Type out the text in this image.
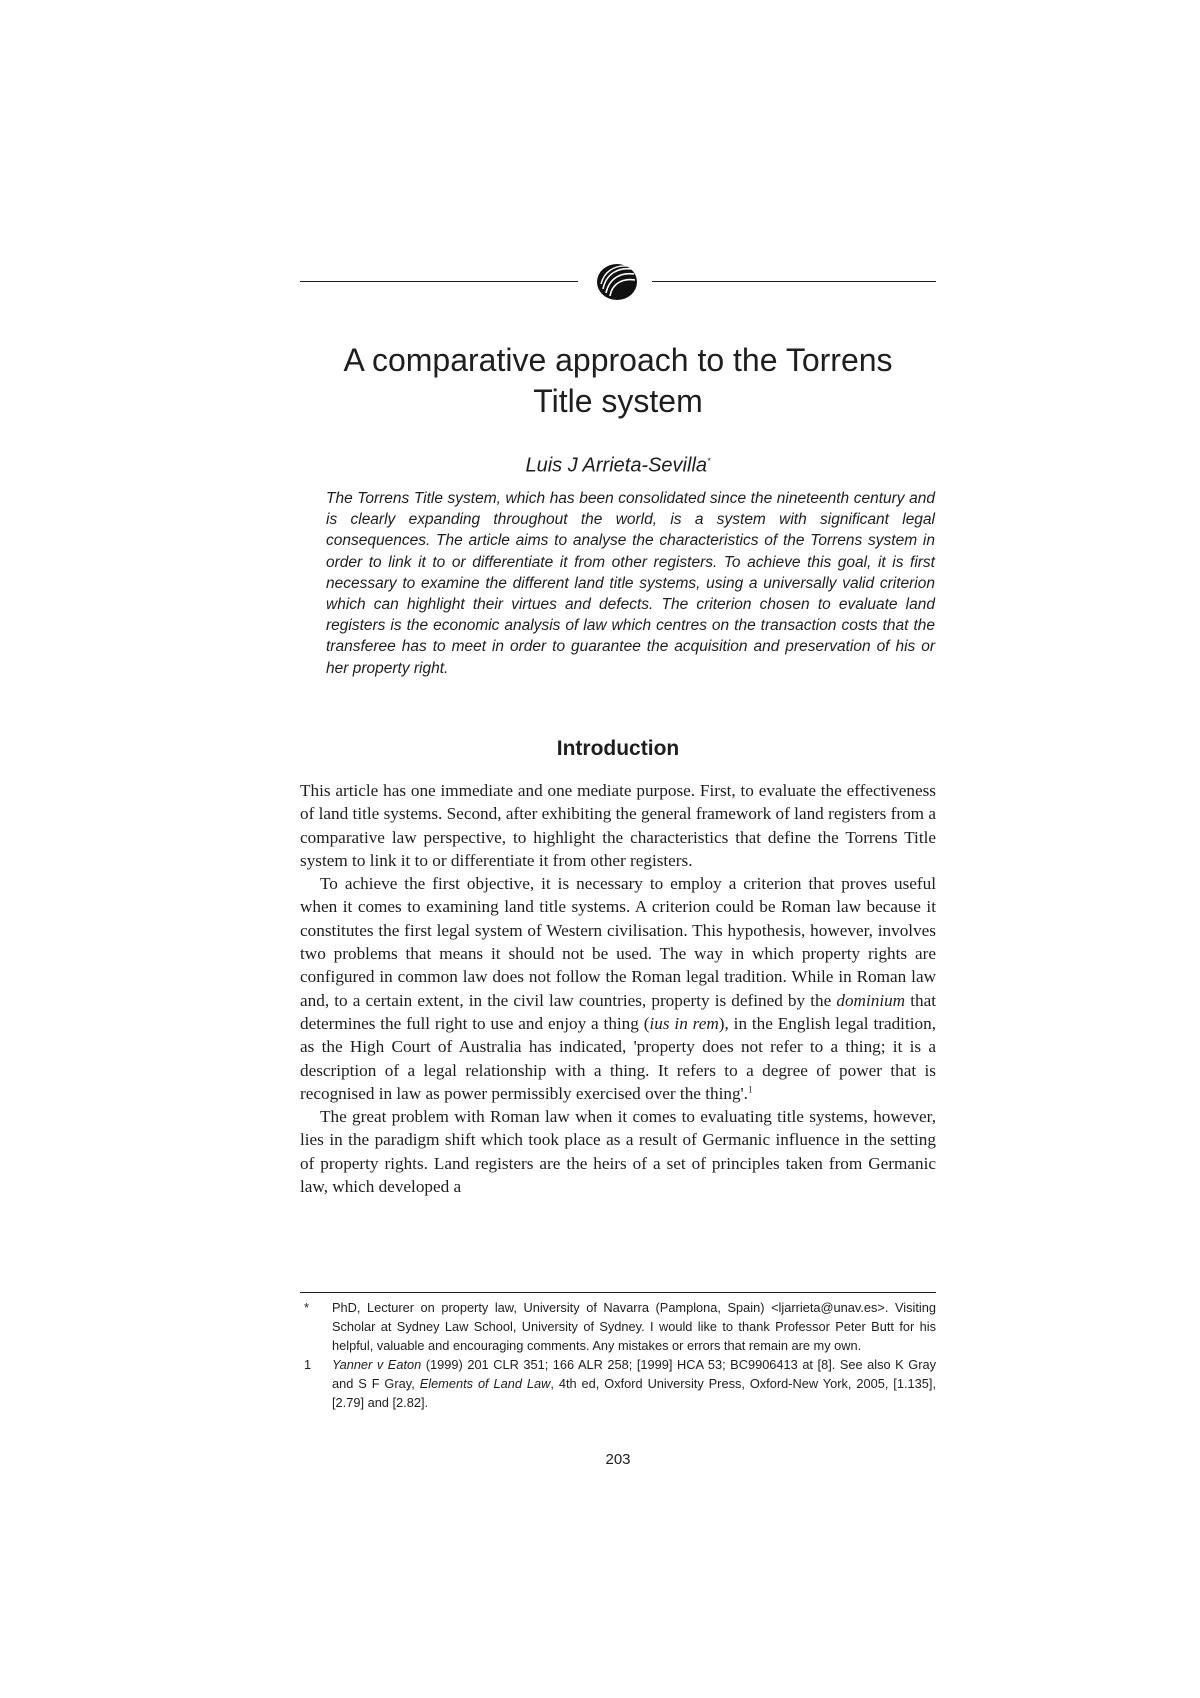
A comparative approach to the Torrens
Title system
Luis J Arrieta-Sevilla*

The Torrens Title system, which has been consolidated since the nineteenth century and is clearly expanding throughout the world, is a system with significant legal consequences. The article aims to analyse the characteristics of the Torrens system in order to link it to or differentiate it from other registers. To achieve this goal, it is first necessary to examine the different land title systems, using a universally valid criterion which can highlight their virtues and defects. The criterion chosen to evaluate land registers is the economic analysis of law which centres on the transaction costs that the transferee has to meet in order to guarantee the acquisition and preservation of his or her property right.

Introduction

This article has one immediate and one mediate purpose. First, to evaluate the effectiveness of land title systems. Second, after exhibiting the general framework of land registers from a comparative law perspective, to highlight the characteristics that define the Torrens Title system to link it to or differentiate it from other registers.

To achieve the first objective, it is necessary to employ a criterion that proves useful when it comes to examining land title systems. A criterion could be Roman law because it constitutes the first legal system of Western civilisation. This hypothesis, however, involves two problems that means it should not be used. The way in which property rights are configured in common law does not follow the Roman legal tradition. While in Roman law and, to a certain extent, in the civil law countries, property is defined by the dominium that determines the full right to use and enjoy a thing (ius in rem), in the English legal tradition, as the High Court of Australia has indicated, 'property does not refer to a thing; it is a description of a legal relationship with a thing. It refers to a degree of power that is recognised in law as power permissibly exercised over the thing'.$^1$

The great problem with Roman law when it comes to evaluating title systems, however, lies in the paradigm shift which took place as a result of Germanic influence in the setting of property rights. Land registers are the heirs of a set of principles taken from Germanic law, which developed a

* PhD, Lecturer on property law, University of Navarra (Pamplona, Spain) <ljarrieta@unav.es>. Visiting Scholar at Sydney Law School, University of Sydney. I would like to thank Professor Peter Butt for his helpful, valuable and encouraging comments. Any mistakes or errors that remain are my own.

1 Yanner v Eaton (1999) 201 CLR 351; 166 ALR 258; [1999] HCA 53; BC9906413 at [8]. See also K Gray and S F Gray, Elements of Land Law, 4th ed, Oxford University Press, Oxford-New York, 2005, [1.135], [2.79] and [2.82].

203
